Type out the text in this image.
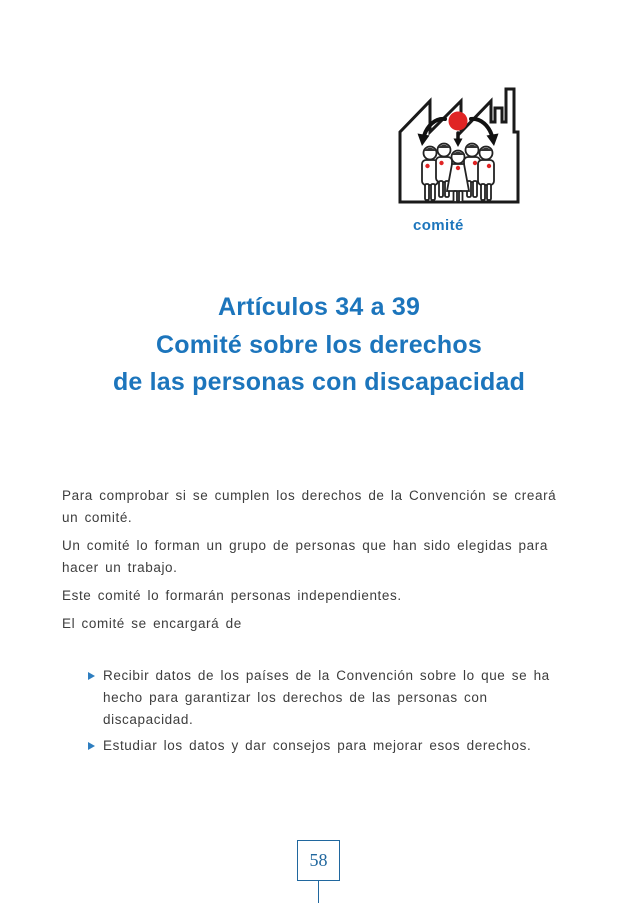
comité
Artículos 34 a 39
Comité sobre los derechos
de las personas con discapacidad

Para comprobar si se cumplen los derechos de la Convención se creará un comité.

Un comité lo forman un grupo de personas que han sido elegidas para hacer un trabajo.

Este comité lo formarán personas independientes.

El comité se encargará de

Recibir datos de los países de la Convención sobre lo que se ha hecho para garantizar los derechos de las personas con discapacidad.
Estudiar los datos y dar consejos para mejorar esos derechos.
58
